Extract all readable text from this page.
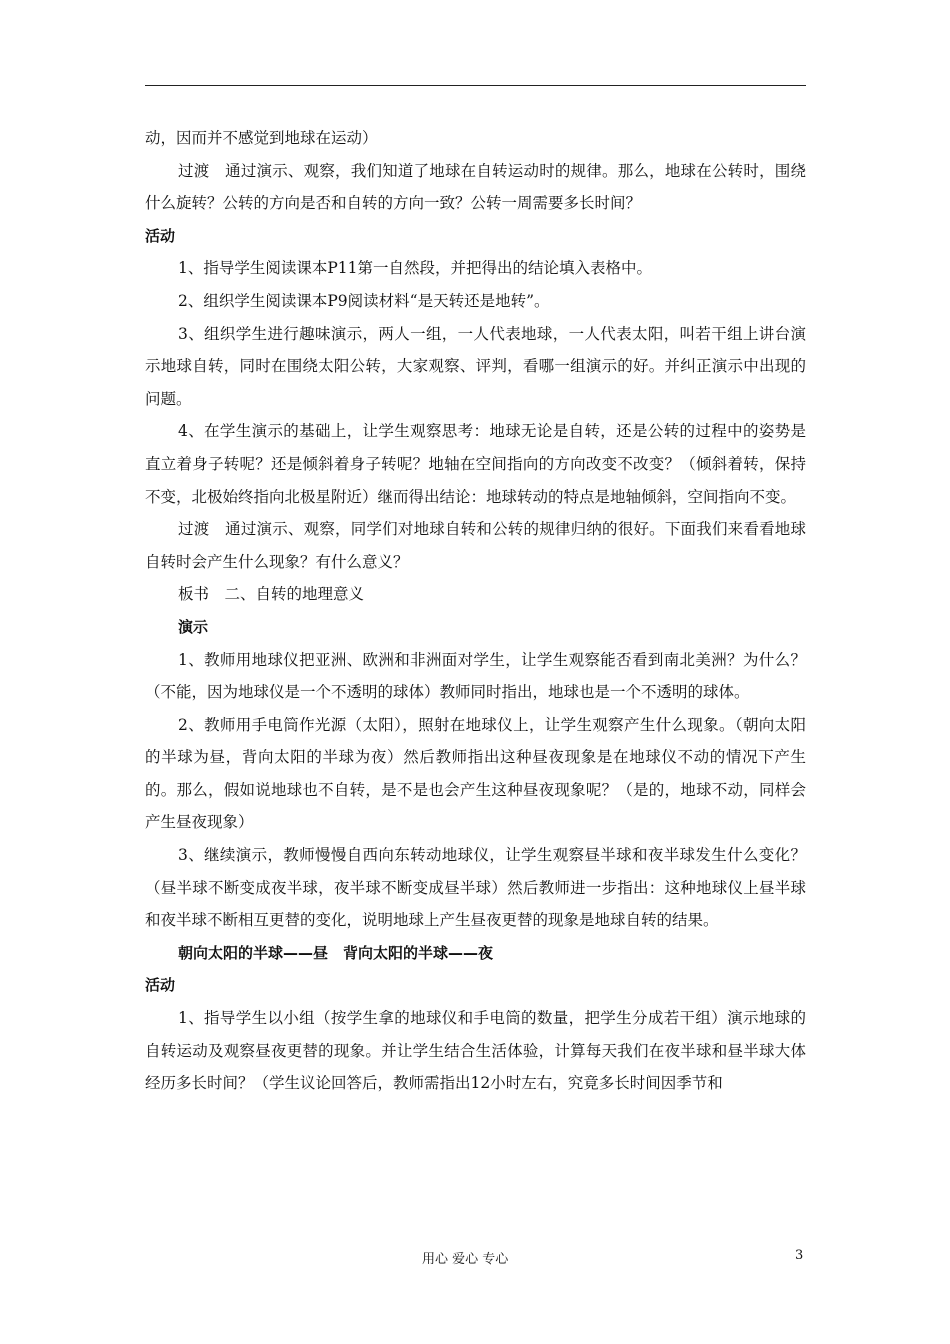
动，因而并不感觉到地球在运动）

过渡　通过演示、观察，我们知道了地球在自转运动时的规律。那么，地球在公转时，围绕什么旋转？公转的方向是否和自转的方向一致？公转一周需要多长时间？

活动

1、指导学生阅读课本P11第一自然段，并把得出的结论填入表格中。

2、组织学生阅读课本P9阅读材料“是天转还是地转”。

3、组织学生进行趣味演示，两人一组，一人代表地球，一人代表太阳，叫若干组上讲台演示地球自转，同时在围绕太阳公转，大家观察、评判，看哪一组演示的好。并纠正演示中出现的问题。

4、在学生演示的基础上，让学生观察思考：地球无论是自转，还是公转的过程中的姿势是直立着身子转呢？还是倾斜着身子转呢？地轴在空间指向的方向改变不改变？（倾斜着转，保持不变，北极始终指向北极星附近）继而得出结论：地球转动的特点是地轴倾斜，空间指向不变。

过渡　通过演示、观察，同学们对地球自转和公转的规律归纳的很好。下面我们来看看地球自转时会产生什么现象？有什么意义？

板书　二、自转的地理意义

演示

1、教师用地球仪把亚洲、欧洲和非洲面对学生，让学生观察能否看到南北美洲？为什么？（不能，因为地球仪是一个不透明的球体）教师同时指出，地球也是一个不透明的球体。

2、教师用手电筒作光源（太阳），照射在地球仪上，让学生观察产生什么现象。（朝向太阳的半球为昼，背向太阳的半球为夜）然后教师指出这种昼夜现象是在地球仪不动的情况下产生的。那么，假如说地球也不自转，是不是也会产生这种昼夜现象呢？（是的，地球不动，同样会产生昼夜现象）

3、继续演示，教师慢慢自西向东转动地球仪，让学生观察昼半球和夜半球发生什么变化？（昼半球不断变成夜半球，夜半球不断变成昼半球）然后教师进一步指出：这种地球仪上昼半球和夜半球不断相互更替的变化，说明地球上产生昼夜更替的现象是地球自转的结果。

朝向太阳的半球——昼　背向太阳的半球——夜

活动

1、指导学生以小组（按学生拿的地球仪和手电筒的数量，把学生分成若干组）演示地球的自转运动及观察昼夜更替的现象。并让学生结合生活体验，计算每天我们在夜半球和昼半球大体经历多长时间？（学生议论回答后，教师需指出12小时左右，究竟多长时间因季节和

用心 爱心 专心	3
